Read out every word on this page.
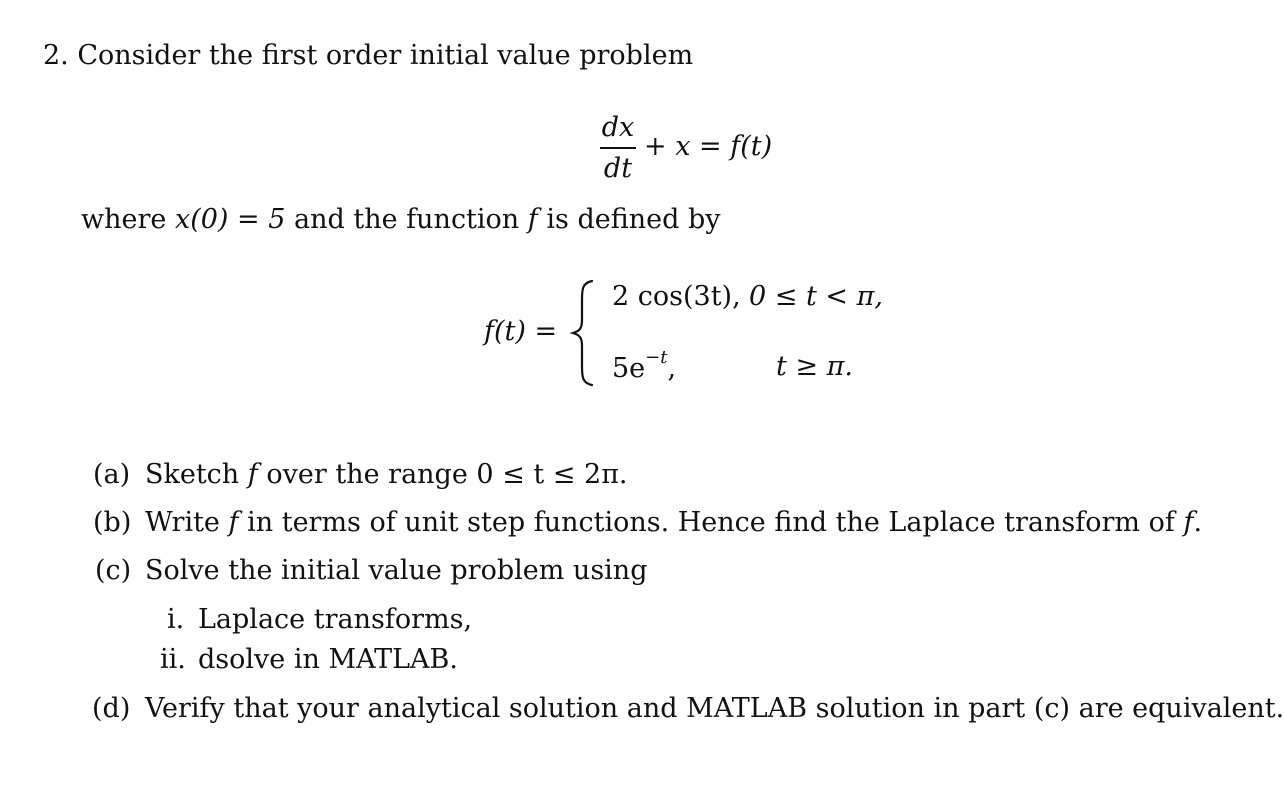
2. Consider the first order initial value problem
dx
dt
+ x = f(t)
where x(0) = 5 and the function f is defined by
f(t) =
2 cos(3t), 0 ≤ t < π,
$5e^{-t}$,	t ≥ π.
(a) Sketch f over the range 0 ≤ t ≤ 2π.
(b) Write f in terms of unit step functions. Hence find the Laplace transform of f.
(c) Solve the initial value problem using
i. Laplace transforms,
ii. dsolve in MATLAB.
(d) Verify that your analytical solution and MATLAB solution in part (c) are equivalent.
